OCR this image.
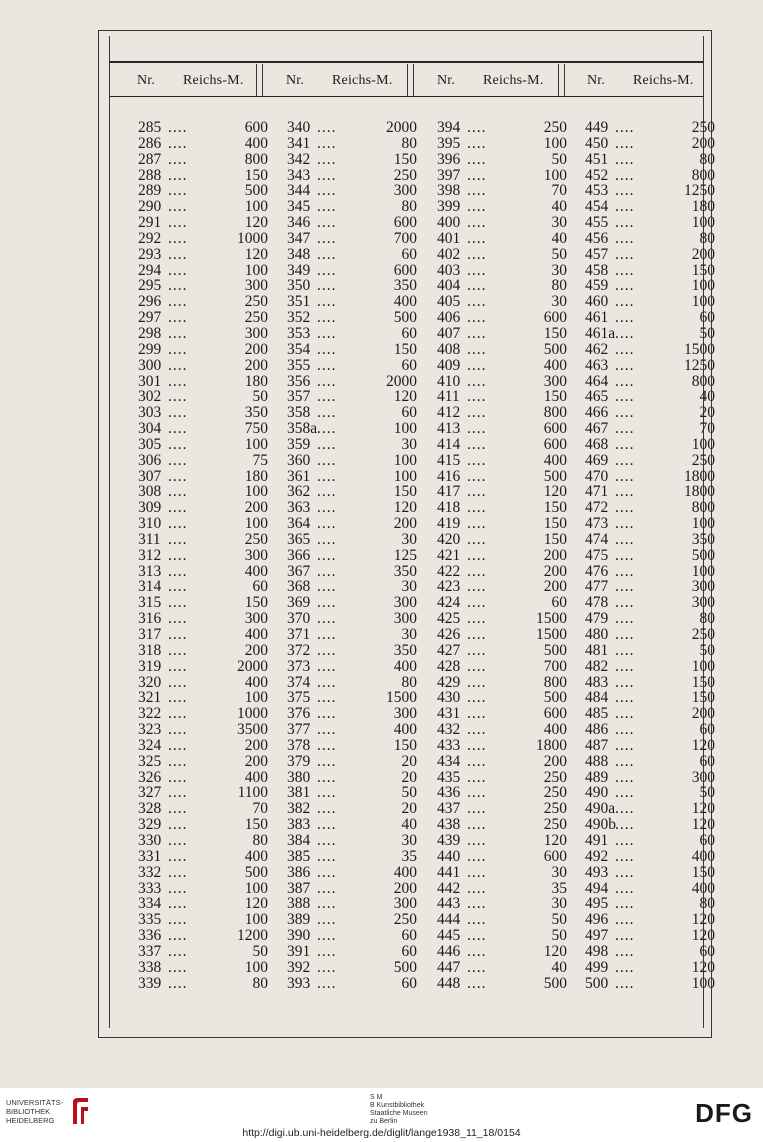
Nr. Reichs-M.	Nr. Reichs-M.	Nr. Reichs-M.	Nr. Reichs-M.
285 ....	600
286 ....	400
287 ....	800
288 ....	150
289 ....	500
290 ....	100
291 ....	120
292 ....	1000
293 ....	120
294 ....	100
295 ....	300
296 ....	250
297 ....	250
298 ....	300
299 ....	200
300 ....	200
301 ....	180
302 ....	50
303 ....	350
304 ....	750
305 ....	100
306 ....	75
307 ....	180
308 ....	100
309 ....	200
310 ....	100
311 ....	250
312 ....	300
313 ....	400
314 ....	60
315 ....	150
316 ....	300
317 ....	400
318 ....	200
319 ....	2000
320 ....	400
321 ....	100
322 ....	1000
323 ....	3500
324 ....	200
325 ....	200
326 ....	400
327 ....	1100
328 ....	70
329 ....	150
330 ....	80
331 ....	400
332 ....	500
333 ....	100
334 ....	120
335 ....	100
336 ....	1200
337 ....	50
338 ....	100
339 ....	80
340 ....	2000
341 ....	80
342 ....	150
343 ....	250
344 ....	300
345 ....	80
346 ....	600
347 ....	700
348 ....	60
349 ....	600
350 ....	350
351 ....	400
352 ....	500
353 ....	60
354 ....	150
355 ....	60
356 ....	2000
357 ....	120
358 ....	60
358a ....	100
359 ....	30
360 ....	100
361 ....	100
362 ....	150
363 ....	120
364 ....	200
365 ....	30
366 ....	125
367 ....	350
368 ....	30
369 ....	300
370 ....	300
371 ....	30
372 ....	350
373 ....	400
374 ....	80
375 ....	1500
376 ....	300
377 ....	400
378 ....	150
379 ....	20
380 ....	20
381 ....	50
382 ....	20
383 ....	40
384 ....	30
385 ....	35
386 ....	400
387 ....	200
388 ....	300
389 ....	250
390 ....	60
391 ....	60
392 ....	500
393 ....	60
394 ....	250
395 ....	100
396 ....	50
397 ....	100
398 ....	70
399 ....	40
400 ....	30
401 ....	40
402 ....	50
403 ....	30
404 ....	80
405 ....	30
406 ....	600
407 ....	150
408 ....	500
409 ....	400
410 ....	300
411 ....	150
412 ....	800
413 ....	600
414 ....	600
415 ....	400
416 ....	500
417 ....	120
418 ....	150
419 ....	150
420 ....	150
421 ....	200
422 ....	200
423 ....	200
424 ....	60
425 ....	1500
426 ....	1500
427 ....	500
428 ....	700
429 ....	800
430 ....	500
431 ....	600
432 ....	400
433 ....	1800
434 ....	200
435 ....	250
436 ....	250
437 ....	250
438 ....	250
439 ....	120
440 ....	600
441 ....	30
442 ....	35
443 ....	30
444 ....	50
445 ....	50
446 ....	120
447 ....	40
448 ....	500
449 ....	250
450 ....	200
451 ....	80
452 ....	800
453 ....	1250
454 ....	180
455 ....	100
456 ....	80
457 ....	200
458 ....	150
459 ....	100
460 ....	100
461 ....	60
461a ....	50
462 ....	1500
463 ....	1250
464 ....	800
465 ....	40
466 ....	20
467 ....	70
468 ....	100
469 ....	250
470 ....	1800
471 ....	1800
472 ....	800
473 ....	100
474 ....	350
475 ....	500
476 ....	100
477 ....	300
478 ....	300
479 ....	80
480 ....	250
481 ....	50
482 ....	100
483 ....	150
484 ....	150
485 ....	200
486 ....	60
487 ....	120
488 ....	60
489 ....	300
490 ....	50
490a ....	120
490b ....	120
491 ....	60
492 ....	400
493 ....	150
494 ....	400
495 ....	80
496 ....	120
497 ....	120
498 ....	60
499 ....	120
500 ....	100
UNIVERSITÄTS-
BIBLIOTHEK
HEIDELBERG
S M
B Kunstbibliothek
Staatliche Museen
zu Berlin
http://digi.ub.uni-heidelberg.de/diglit/lange1938_11_18/0154
DFG
